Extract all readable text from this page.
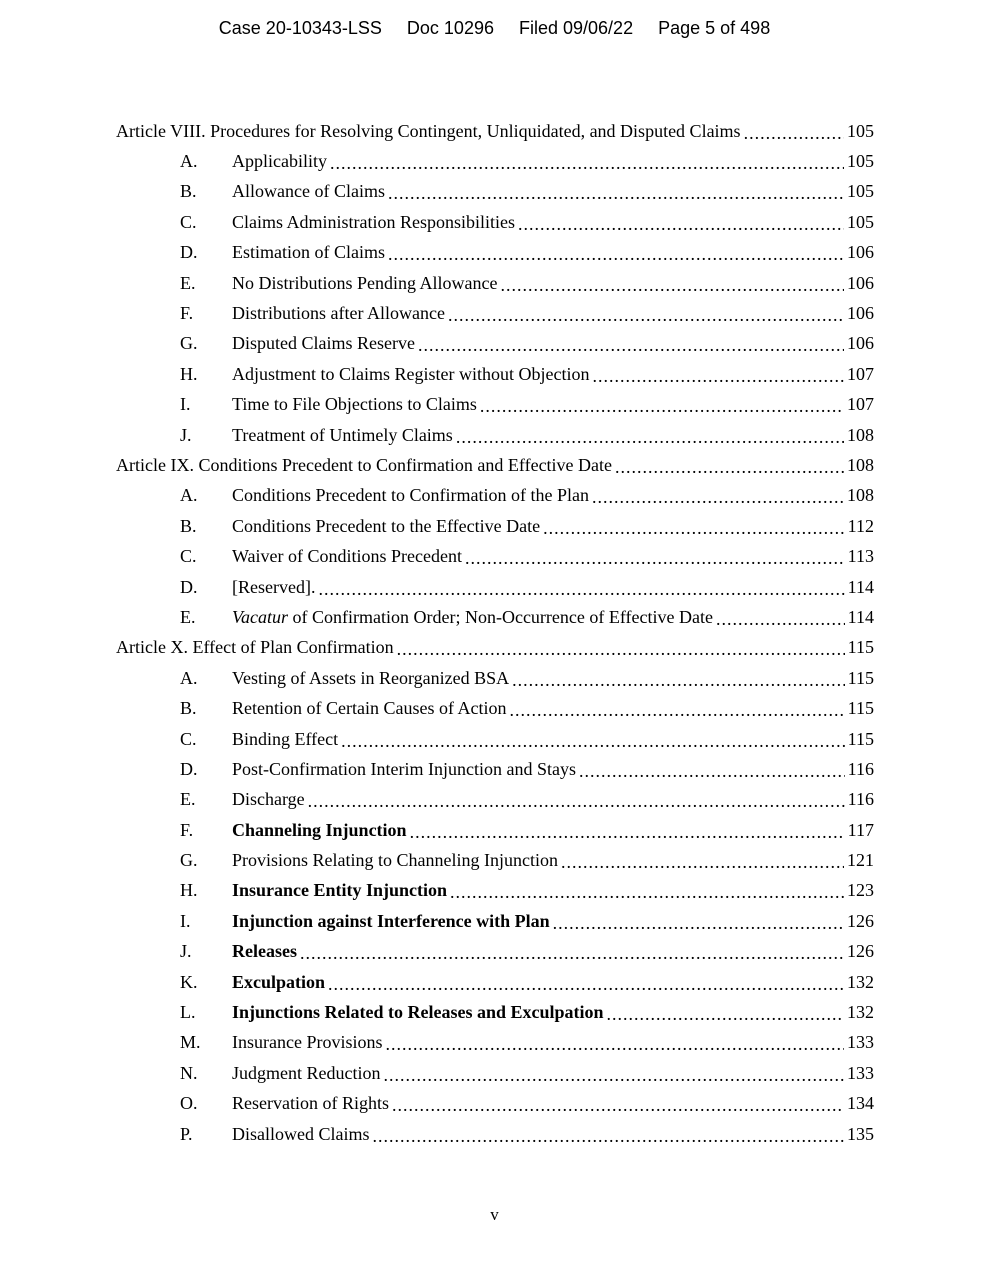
Case 20-10343-LSS Doc 10296 Filed 09/06/22 Page 5 of 498
Article VIII. Procedures for Resolving Contingent, Unliquidated, and Disputed Claims .....	105
A.	Applicability .....	105
B.	Allowance of Claims .....	105
C.	Claims Administration Responsibilities .....	105
D.	Estimation of Claims .....	106
E.	No Distributions Pending Allowance .....	106
F.	Distributions after Allowance .....	106
G.	Disputed Claims Reserve .....	106
H.	Adjustment to Claims Register without Objection .....	107
I.	Time to File Objections to Claims .....	107
J.	Treatment of Untimely Claims .....	108
Article IX. Conditions Precedent to Confirmation and Effective Date .....	108
A.	Conditions Precedent to Confirmation of the Plan .....	108
B.	Conditions Precedent to the Effective Date .....	112
C.	Waiver of Conditions Precedent .....	113
D.	[Reserved]. .....	114
E.	Vacatur of Confirmation Order; Non-Occurrence of Effective Date .....	114
Article X. Effect of Plan Confirmation .....	115
A.	Vesting of Assets in Reorganized BSA .....	115
B.	Retention of Certain Causes of Action .....	115
C.	Binding Effect .....	115
D.	Post-Confirmation Interim Injunction and Stays .....	116
E.	Discharge .....	116
F.	Channeling Injunction .....	117
G.	Provisions Relating to Channeling Injunction .....	121
H.	Insurance Entity Injunction .....	123
I.	Injunction against Interference with Plan .....	126
J.	Releases .....	126
K.	Exculpation .....	132
L.	Injunctions Related to Releases and Exculpation .....	132
M.	Insurance Provisions .....	133
N.	Judgment Reduction .....	133
O.	Reservation of Rights .....	134
P.	Disallowed Claims .....	135
v
